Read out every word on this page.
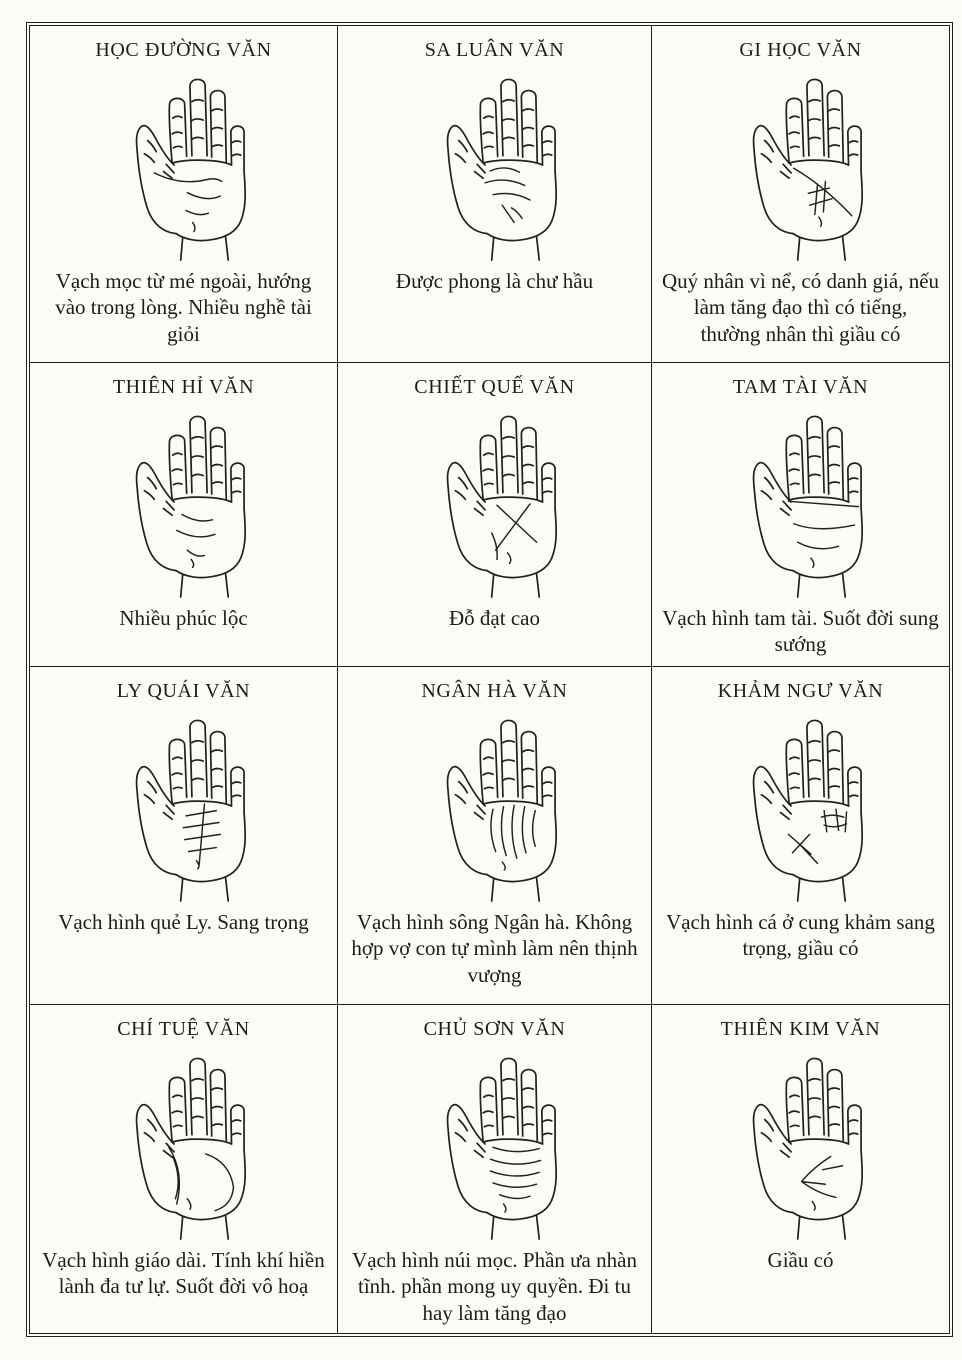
HỌC ĐƯỜNG VĂN
Vạch mọc từ mé ngoài, hướng vào trong lòng. Nhiều nghề tài giỏi
SA LUÂN VĂN
Được phong là chư hầu
GI HỌC VĂN
Quý nhân vì nể, có danh giá, nếu làm tăng đạo thì có tiếng, thường nhân thì giầu có
THIÊN HỈ VĂN
Nhiều phúc lộc
CHIẾT QUẾ VĂN
Đỗ đạt cao
TAM TÀI VĂN
Vạch hình tam tài. Suốt đời sung sướng
LY QUÁI VĂN
Vạch hình quẻ Ly. Sang trọng
NGÂN HÀ VĂN
Vạch hình sông Ngân hà. Không hợp vợ con tự mình làm nên thịnh vượng
KHẢM NGƯ VĂN
Vạch hình cá ở cung khảm sang trọng, giầu có
CHÍ TUỆ VĂN
Vạch hình giáo dài. Tính khí hiền lành đa tư lự. Suốt đời vô hoạ
CHỦ SƠN VĂN
Vạch hình núi mọc. Phần ưa nhàn tĩnh. phần mong uy quyền. Đi tu hay làm tăng đạo
THIÊN KIM VĂN
Giầu có
